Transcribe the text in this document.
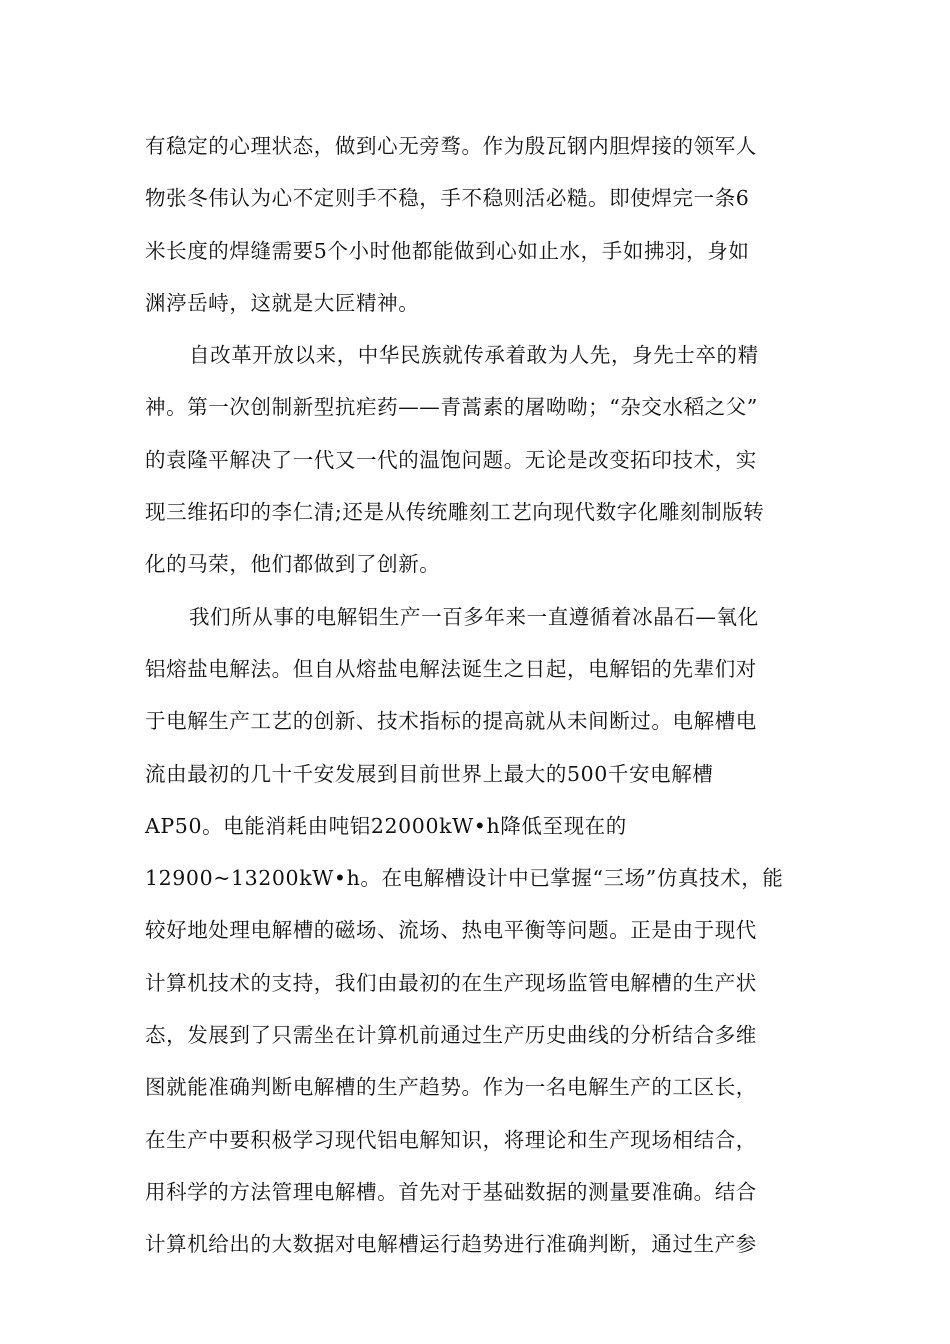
有稳定的心理状态，做到心无旁骛。作为殷瓦钢内胆焊接的领军人
物张冬伟认为心不定则手不稳，手不稳则活必糙。即使焊完一条6
米长度的焊缝需要5个小时他都能做到心如止水，手如拂羽，身如
渊渟岳峙，这就是大匠精神。
自改革开放以来，中华民族就传承着敢为人先，身先士卒的精
神。第一次创制新型抗疟药——青蒿素的屠呦呦；“杂交水稻之父”
的袁隆平解决了一代又一代的温饱问题。无论是改变拓印技术，实
现三维拓印的李仁清;还是从传统雕刻工艺向现代数字化雕刻制版转
化的马荣，他们都做到了创新。
我们所从事的电解铝生产一百多年来一直遵循着冰晶石—氧化
铝熔盐电解法。但自从熔盐电解法诞生之日起，电解铝的先辈们对
于电解生产工艺的创新、技术指标的提高就从未间断过。电解槽电
流由最初的几十千安发展到目前世界上最大的500千安电解槽
AP50。电能消耗由吨铝22000kW•h降低至现在的
12900~13200kW•h。在电解槽设计中已掌握“三场”仿真技术，能
较好地处理电解槽的磁场、流场、热电平衡等问题。正是由于现代
计算机技术的支持，我们由最初的在生产现场监管电解槽的生产状
态，发展到了只需坐在计算机前通过生产历史曲线的分析结合多维
图就能准确判断电解槽的生产趋势。作为一名电解生产的工区长，
在生产中要积极学习现代铝电解知识，将理论和生产现场相结合，
用科学的方法管理电解槽。首先对于基础数据的测量要准确。结合
计算机给出的大数据对电解槽运行趋势进行准确判断，通过生产参
